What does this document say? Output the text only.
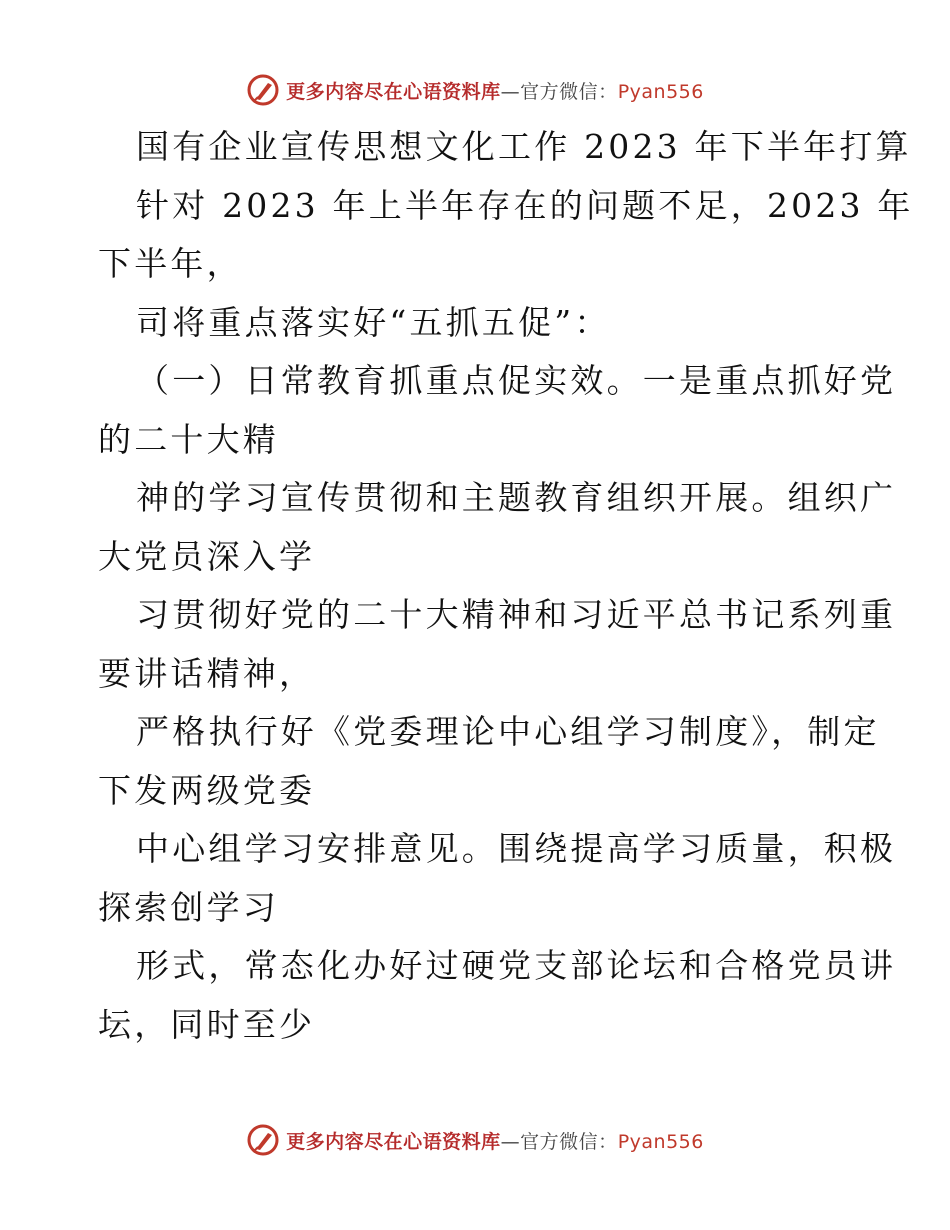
更多内容尽在心语资料库—官方微信：Pyan556
国有企业宣传思想文化工作 2023 年下半年打算
针对 2023 年上半年存在的问题不足，2023 年
下半年，
司将重点落实好“五抓五促”：
（一）日常教育抓重点促实效。一是重点抓好党
的二十大精
神的学习宣传贯彻和主题教育组织开展。组织广
大党员深入学
习贯彻好党的二十大精神和习近平总书记系列重
要讲话精神，
严格执行好《党委理论中心组学习制度》，制定
下发两级党委
中心组学习安排意见。围绕提高学习质量，积极
探索创学习
形式，常态化办好过硬党支部论坛和合格党员讲
坛，同时至少
更多内容尽在心语资料库—官方微信：Pyan556
